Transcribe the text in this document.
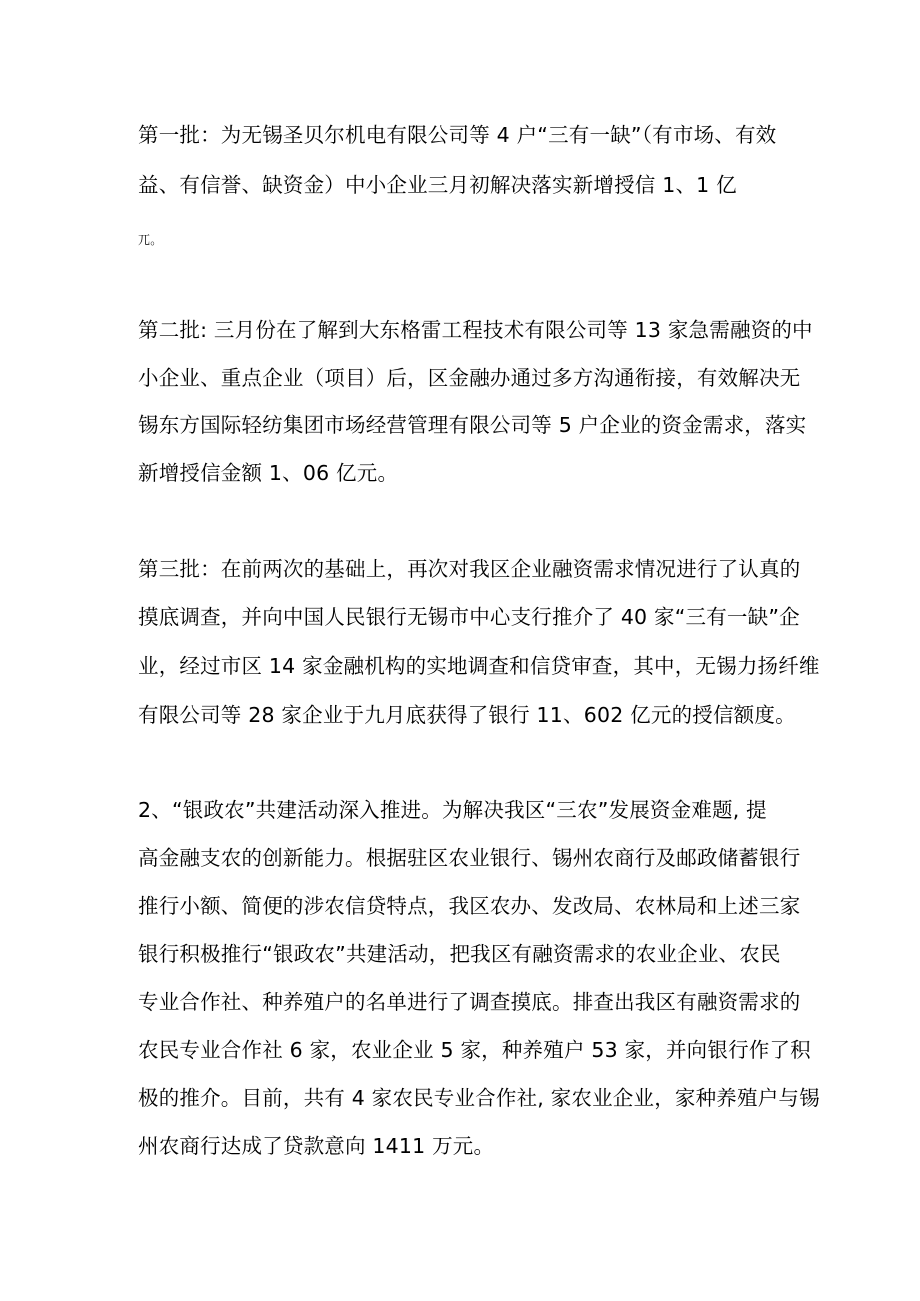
第一批：为无锡圣贝尔机电有限公司等 4 户“三有一缺”（有市场、有效
益、有信誉、缺资金）中小企业三月初解决落实新增授信 1、1 亿
兀。
第二批: 三月份在了解到大东格雷工程技术有限公司等 13 家急需融资的中
小企业、重点企业（项目）后，区金融办通过多方沟通衔接，有效解决无
锡东方国际轻纺集团市场经营管理有限公司等 5 户企业的资金需求，落实
新增授信金额 1、06 亿元。
第三批：在前两次的基础上，再次对我区企业融资需求情况进行了认真的
摸底调查，并向中国人民银行无锡市中心支行推介了 40 家“三有一缺”企
业，经过市区 14 家金融机构的实地调查和信贷审查，其中，无锡力扬纤维
有限公司等 28 家企业于九月底获得了银行 11、602 亿元的授信额度。
2、“银政农”共建活动深入推进。为解决我区“三农”发展资金难题, 提
高金融支农的创新能力。根据驻区农业银行、锡州农商行及邮政储蓄银行
推行小额、简便的涉农信贷特点，我区农办、发改局、农林局和上述三家
银行积极推行“银政农”共建活动，把我区有融资需求的农业企业、农民
专业合作社、种养殖户的名单进行了调查摸底。排查出我区有融资需求的
农民专业合作社 6 家，农业企业 5 家，种养殖户 53 家，并向银行作了积
极的推介。目前，共有 4 家农民专业合作社, 家农业企业，家种养殖户与锡
州农商行达成了贷款意向 1411 万元。
